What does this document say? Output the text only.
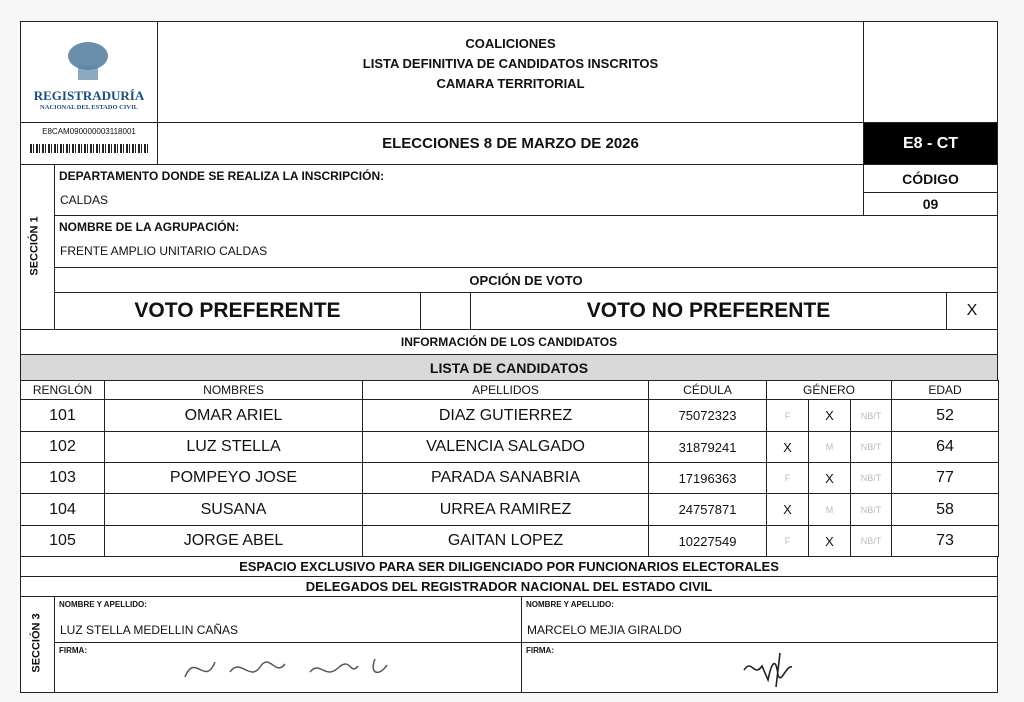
REGISTRADURÍA
NACIONAL DEL ESTADO CIVIL
COALICIONES
LISTA DEFINITIVA DE CANDIDATOS INSCRITOS
CAMARA TERRITORIAL
E8CAM090000003118001
ELECCIONES 8 DE MARZO DE 2026	E8 - CT
SECCIÓN 1
DEPARTAMENTO DONDE SE REALIZA LA INSCRIPCIÓN:
CALDAS
CÓDIGO
09
NOMBRE DE LA AGRUPACIÓN:
FRENTE AMPLIO UNITARIO CALDAS
OPCIÓN DE VOTO
VOTO PREFERENTE	VOTO NO PREFERENTE	X
INFORMACIÓN DE LOS CANDIDATOS
LISTA DE CANDIDATOS
RENGLÓN	NOMBRES	APELLIDOS	CÉDULA	GÉNERO	EDAD
101	OMAR ARIEL	DIAZ GUTIERREZ	75072323	F	X	NB/T	52
102	LUZ STELLA	VALENCIA SALGADO	31879241	X	M	NB/T	64
103	POMPEYO JOSE	PARADA SANABRIA	17196363	F	X	NB/T	77
104	SUSANA	URREA RAMIREZ	24757871	X	M	NB/T	58
105	JORGE ABEL	GAITAN LOPEZ	10227549	F	X	NB/T	73
ESPACIO EXCLUSIVO PARA SER DILIGENCIADO POR FUNCIONARIOS ELECTORALES
DELEGADOS DEL REGISTRADOR NACIONAL DEL ESTADO CIVIL
SECCIÓN 3
NOMBRE Y APELLIDO:
LUZ STELLA MEDELLIN CAÑAS
NOMBRE Y APELLIDO:
MARCELO MEJIA GIRALDO
FIRMA:	FIRMA:
